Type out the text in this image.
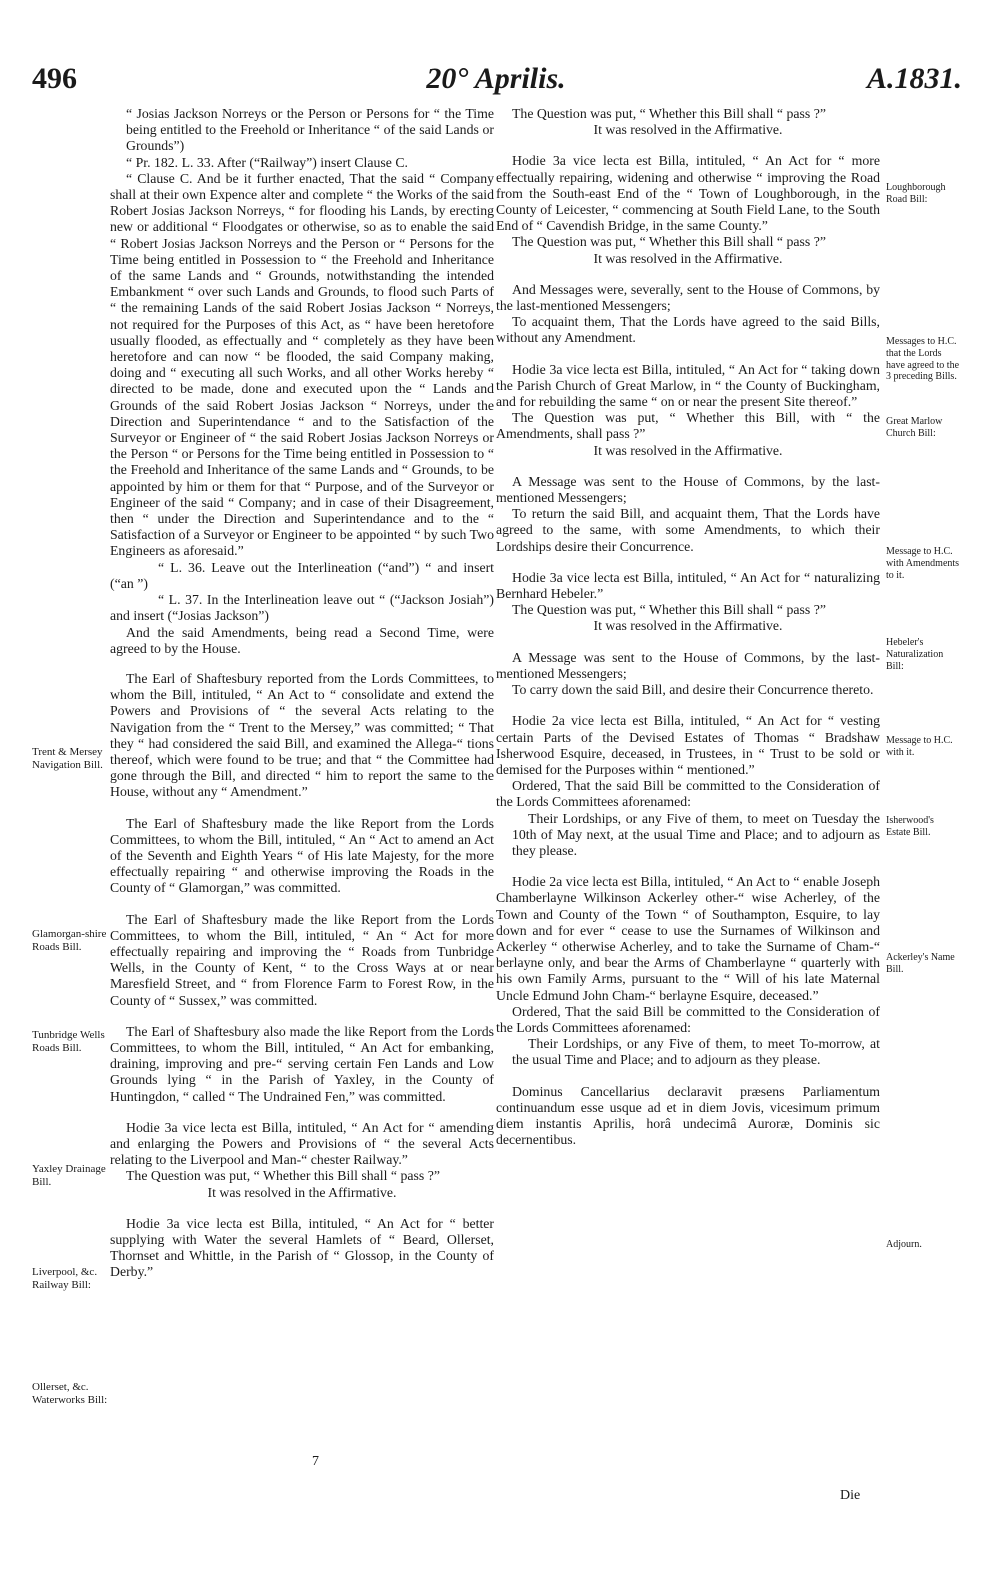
496	20° Aprilis.	A.1831.
Trent & Mersey Navigation Bill.
Glamorgan-shire Roads Bill.
Tunbridge Wells Roads Bill.
Yaxley Drainage Bill.
Liverpool, &c. Railway Bill:
Ollerset, &c. Waterworks Bill:
Loughborough Road Bill:
Messages to H.C. that the Lords have agreed to the 3 preceding Bills.
Great Marlow Church Bill:
Message to H.C. with Amendments to it.
Hebeler's Naturalization Bill:
Message to H.C. with it.
Isherwood's Estate Bill.
Ackerley's Name Bill.
Adjourn.

“ Josias Jackson Norreys or the Person or Persons for “ the Time being entitled to the Freehold or Inheritance “ of the said Lands or Grounds”)

“ Pr. 182. L. 33. After (“Railway”) insert Clause C.

“ Clause C. And be it further enacted, That the said “ Company shall at their own Expence alter and complete “ the Works of the said Robert Josias Jackson Norreys, “ for flooding his Lands, by erecting new or additional “ Floodgates or otherwise, so as to enable the said “ Robert Josias Jackson Norreys and the Person or “ Persons for the Time being entitled in Possession to “ the Freehold and Inheritance of the same Lands and “ Grounds, notwithstanding the intended Embankment “ over such Lands and Grounds, to flood such Parts of “ the remaining Lands of the said Robert Josias Jackson “ Norreys, not required for the Purposes of this Act, as “ have been heretofore usually flooded, as effectually and “ completely as they have been heretofore and can now “ be flooded, the said Company making, doing and “ executing all such Works, and all other Works hereby “ directed to be made, done and executed upon the “ Lands and Grounds of the said Robert Josias Jackson “ Norreys, under the Direction and Superintendance “ and to the Satisfaction of the Surveyor or Engineer of “ the said Robert Josias Jackson Norreys or the Person “ or Persons for the Time being entitled in Possession to “ the Freehold and Inheritance of the same Lands and “ Grounds, to be appointed by him or them for that “ Purpose, and of the Surveyor or Engineer of the said “ Company; and in case of their Disagreement, then “ under the Direction and Superintendance and to the “ Satisfaction of a Surveyor or Engineer to be appointed “ by such Two Engineers as aforesaid.”

“ L. 36. Leave out the Interlineation (“and”) “ and insert (“an ”)

“ L. 37. In the Interlineation leave out “ (“Jackson Josiah”) and insert (“Josias Jackson”)

And the said Amendments, being read a Second Time, were agreed to by the House.

The Earl of Shaftesbury reported from the Lords Committees, to whom the Bill, intituled, “ An Act to “ consolidate and extend the Powers and Provisions of “ the several Acts relating to the Navigation from the “ Trent to the Mersey,” was committed; “ That they “ had considered the said Bill, and examined the Allega-“ tions thereof, which were found to be true; and that “ the Committee had gone through the Bill, and directed “ him to report the same to the House, without any “ Amendment.”

The Earl of Shaftesbury made the like Report from the Lords Committees, to whom the Bill, intituled, “ An “ Act to amend an Act of the Seventh and Eighth Years “ of His late Majesty, for the more effectually repairing “ and otherwise improving the Roads in the County of “ Glamorgan,” was committed.

The Earl of Shaftesbury made the like Report from the Lords Committees, to whom the Bill, intituled, “ An “ Act for more effectually repairing and improving the “ Roads from Tunbridge Wells, in the County of Kent, “ to the Cross Ways at or near Maresfield Street, and “ from Florence Farm to Forest Row, in the County of “ Sussex,” was committed.

The Earl of Shaftesbury also made the like Report from the Lords Committees, to whom the Bill, intituled, “ An Act for embanking, draining, improving and pre-“ serving certain Fen Lands and Low Grounds lying “ in the Parish of Yaxley, in the County of Huntingdon, “ called “ The Undrained Fen,” was committed.

Hodie 3a vice lecta est Billa, intituled, “ An Act for “ amending and enlarging the Powers and Provisions of “ the several Acts relating to the Liverpool and Man-“ chester Railway.”

The Question was put, “ Whether this Bill shall “ pass ?”

It was resolved in the Affirmative.

Hodie 3a vice lecta est Billa, intituled, “ An Act for “ better supplying with Water the several Hamlets of “ Beard, Ollerset, Thornset and Whittle, in the Parish of “ Glossop, in the County of Derby.”

The Question was put, “ Whether this Bill shall “ pass ?”

It was resolved in the Affirmative.

Hodie 3a vice lecta est Billa, intituled, “ An Act for “ more effectually repairing, widening and otherwise “ improving the Road from the South-east End of the “ Town of Loughborough, in the County of Leicester, “ commencing at South Field Lane, to the South End of “ Cavendish Bridge, in the same County.”

The Question was put, “ Whether this Bill shall “ pass ?”

It was resolved in the Affirmative.

And Messages were, severally, sent to the House of Commons, by the last-mentioned Messengers;

To acquaint them, That the Lords have agreed to the said Bills, without any Amendment.

Hodie 3a vice lecta est Billa, intituled, “ An Act for “ taking down the Parish Church of Great Marlow, in “ the County of Buckingham, and for rebuilding the same “ on or near the present Site thereof.”

The Question was put, “ Whether this Bill, with “ the Amendments, shall pass ?”

It was resolved in the Affirmative.

A Message was sent to the House of Commons, by the last-mentioned Messengers;

To return the said Bill, and acquaint them, That the Lords have agreed to the same, with some Amendments, to which their Lordships desire their Concurrence.

Hodie 3a vice lecta est Billa, intituled, “ An Act for “ naturalizing Bernhard Hebeler.”

The Question was put, “ Whether this Bill shall “ pass ?”

It was resolved in the Affirmative.

A Message was sent to the House of Commons, by the last-mentioned Messengers;

To carry down the said Bill, and desire their Concurrence thereto.

Hodie 2a vice lecta est Billa, intituled, “ An Act for “ vesting certain Parts of the Devised Estates of Thomas “ Bradshaw Isherwood Esquire, deceased, in Trustees, in “ Trust to be sold or demised for the Purposes within “ mentioned.”

Ordered, That the said Bill be committed to the Consideration of the Lords Committees aforenamed:

Their Lordships, or any Five of them, to meet on Tuesday the 10th of May next, at the usual Time and Place; and to adjourn as they please.

Hodie 2a vice lecta est Billa, intituled, “ An Act to “ enable Joseph Chamberlayne Wilkinson Ackerley other-“ wise Acherley, of the Town and County of the Town “ of Southampton, Esquire, to lay down and for ever “ cease to use the Surnames of Wilkinson and Ackerley “ otherwise Acherley, and to take the Surname of Cham-“ berlayne only, and bear the Arms of Chamberlayne “ quarterly with his own Family Arms, pursuant to the “ Will of his late Maternal Uncle Edmund John Cham-“ berlayne Esquire, deceased.”

Ordered, That the said Bill be committed to the Consideration of the Lords Committees aforenamed:

Their Lordships, or any Five of them, to meet To-morrow, at the usual Time and Place; and to adjourn as they please.

Dominus Cancellarius declaravit præsens Parliamentum continuandum esse usque ad et in diem Jovis, vicesimum primum diem instantis Aprilis, horâ undecimâ Auroræ, Dominis sic decernentibus.

7
Die
